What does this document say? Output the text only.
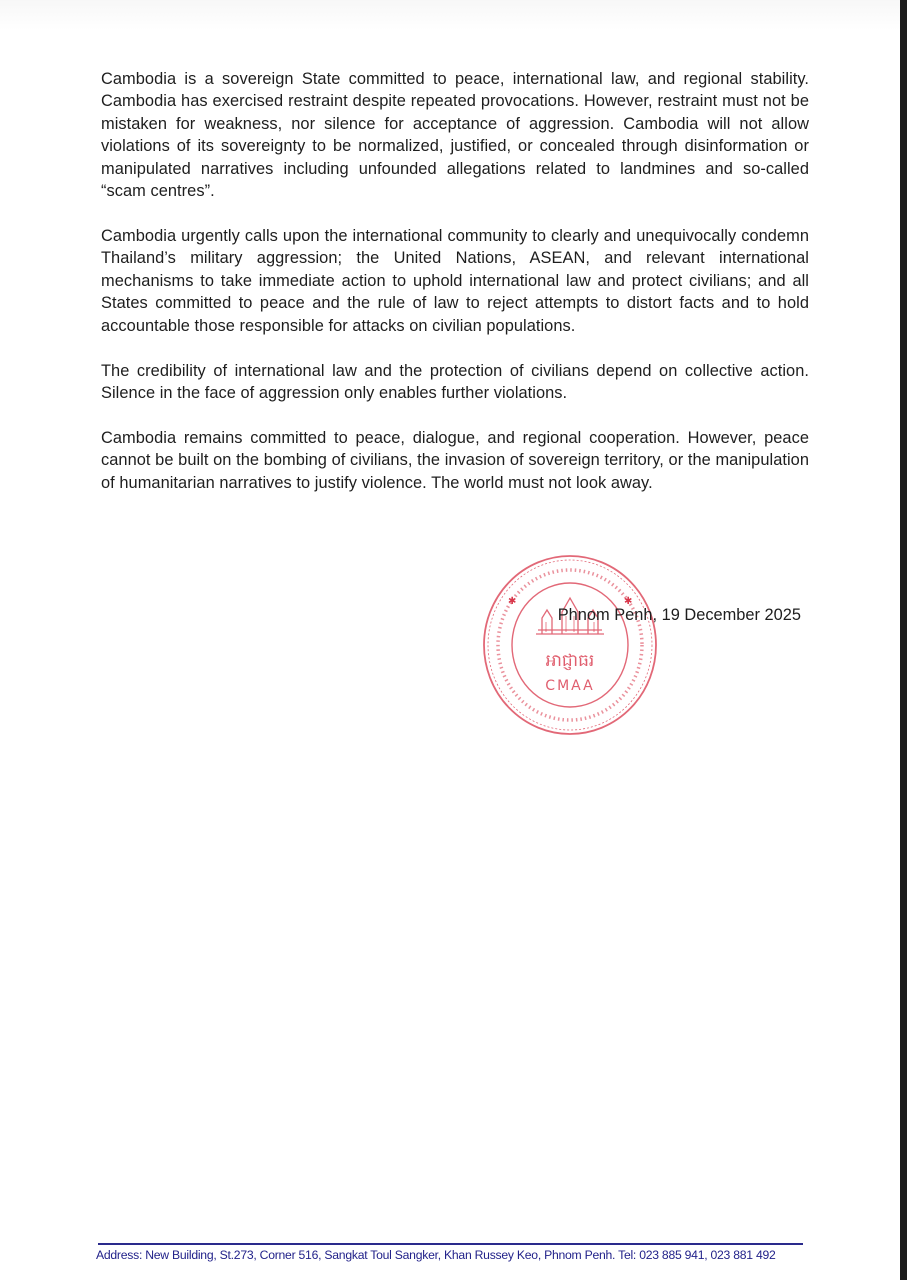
Cambodia is a sovereign State committed to peace, international law, and regional stability. Cambodia has exercised restraint despite repeated provocations. However, restraint must not be mistaken for weakness, nor silence for acceptance of aggression. Cambodia will not allow violations of its sovereignty to be normalized, justified, or concealed through disinformation or manipulated narratives including unfounded allegations related to landmines and so-called “scam centres”.

Cambodia urgently calls upon the international community to clearly and unequivocally condemn Thailand’s military aggression; the United Nations, ASEAN, and relevant international mechanisms to take immediate action to uphold international law and protect civilians; and all States committed to peace and the rule of law to reject attempts to distort facts and to hold accountable those responsible for attacks on civilian populations.

The credibility of international law and the protection of civilians depend on collective action. Silence in the face of aggression only enables further violations.

Cambodia remains committed to peace, dialogue, and regional cooperation. However, peace cannot be built on the bombing of civilians, the invasion of sovereign territory, or the manipulation of humanitarian narratives to justify violence. The world must not look away.

✱	✱
អាជ្ញាធរ
CMAA
Phnom Penh, 19 December 2025
Address: New Building, St.273, Corner 516, Sangkat Toul Sangker, Khan Russey Keo, Phnom Penh. Tel: 023 885 941, 023 881 492
